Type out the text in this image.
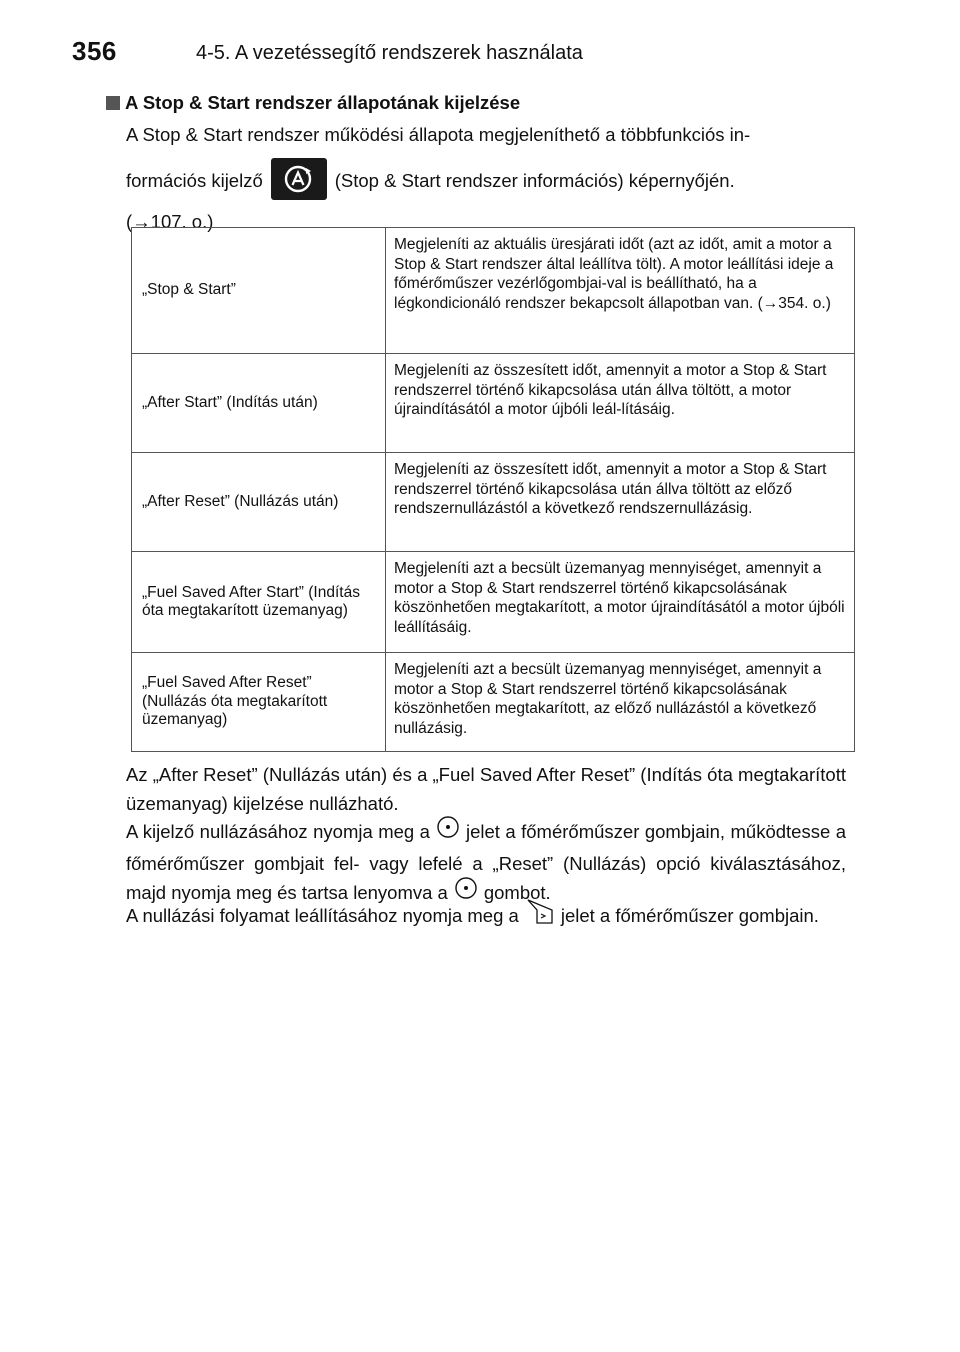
356	4-5. A vezetéssegítő rendszerek használata
A Stop & Start rendszer állapotának kijelzése
A Stop & Start rendszer működési állapota megjeleníthető a többfunkciós in-
formációs kijelző	(Stop & Start rendszer információs) képernyőjén.
(→107. o.)
„Stop & Start”
Megjeleníti az aktuális üresjárati időt (azt az időt, amit a motor a Stop & Start rendszer által leállítva tölt). A motor leállítási ideje a főmérőműszer vezérlőgombjai-val is beállítható, ha a légkondicionáló rendszer bekapcsolt állapotban van. (→354. o.)
„After Start” (Indítás után)
Megjeleníti az összesített időt, amennyit a motor a Stop & Start rendszerrel történő kikapcsolása után állva töltött, a motor újraindításától a motor újbóli leál-lításáig.
„After Reset” (Nullázás után)
Megjeleníti az összesített időt, amennyit a motor a Stop & Start rendszerrel történő kikapcsolása után állva töltött az előző rendszernullázástól a következő rendszernullázásig.
„Fuel Saved After Start” (Indítás óta megtakarított üzemanyag)
Megjeleníti azt a becsült üzemanyag mennyiséget, amennyit a motor a Stop & Start rendszerrel történő kikapcsolásának köszönhetően megtakarított, a motor újraindításától a motor újbóli leállításáig.
„Fuel Saved After Reset” (Nullázás óta megtakarított üzemanyag)
Megjeleníti azt a becsült üzemanyag mennyiséget, amennyit a motor a Stop & Start rendszerrel történő kikapcsolásának köszönhetően megtakarított, az előző nullázástól a következő nullázásig.
Az „After Reset” (Nullázás után) és a „Fuel Saved After Reset” (Indítás óta megtakarított üzemanyag) kijelzése nullázható.
A kijelző nullázásához nyomja meg a jelet a főmérőműszer gombjain, működtesse a főmérőműszer gombjait fel- vagy lefelé a „Reset” (Nullázás) opció kiválasztásához, majd nyomja meg és tartsa lenyomva a gombot.
A nullázási folyamat leállításához nyomja meg a jelet a főmérőműszer gombjain.
